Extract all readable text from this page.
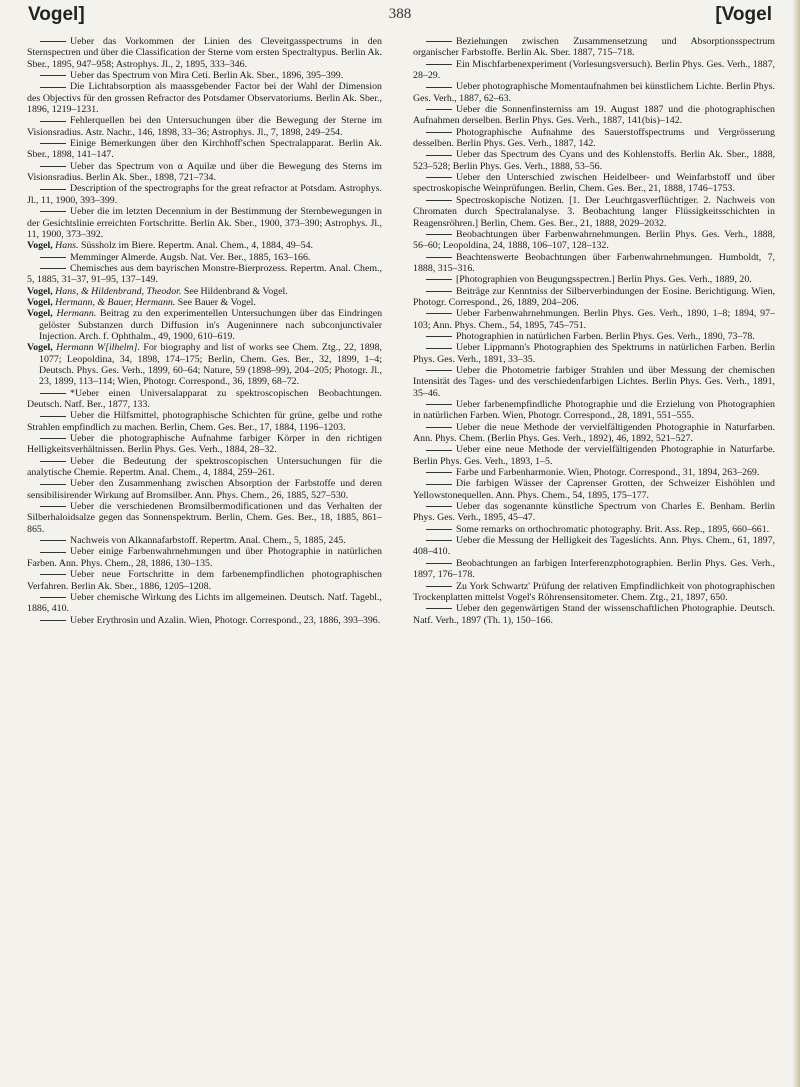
Vogel]	388	[Vogel

Ueber das Vorkommen der Linien des Cleveitgasspectrums in den Sternspectren und über die Classification der Sterne vom ersten Spectraltypus. Berlin Ak. Sber., 1895, 947–958; Astrophys. Jl., 2, 1895, 333–346.

Ueber das Spectrum von Mira Ceti. Berlin Ak. Sber., 1896, 395–399.

Die Lichtabsorption als maassgebender Factor bei der Wahl der Dimension des Objectivs für den grossen Refractor des Potsdamer Observatoriums. Berlin Ak. Sber., 1896, 1219–1231.

Fehlerquellen bei den Untersuchungen über die Bewegung der Sterne im Visionsradius. Astr. Nachr., 146, 1898, 33–36; Astrophys. Jl., 7, 1898, 249–254.

Einige Bemerkungen über den Kirchhoff'schen Spectralapparat. Berlin Ak. Sber., 1898, 141–147.

Ueber das Spectrum von α Aquilæ und über die Bewegung des Sterns im Visionsradius. Berlin Ak. Sber., 1898, 721–734.

Description of the spectrographs for the great refractor at Potsdam. Astrophys. Jl., 11, 1900, 393–399.

Ueber die im letzten Decennium in der Bestimmung der Sternbewegungen in der Gesichtslinie erreichten Fortschritte. Berlin Ak. Sber., 1900, 373–390; Astrophys. Jl., 11, 1900, 373–392.

Vogel, Hans. Süssholz im Biere. Repertm. Anal. Chem., 4, 1884, 49–54.

Memminger Almerde. Augsb. Nat. Ver. Ber., 1885, 163–166.

Chemisches aus dem bayrischen Monstre-Bierprozess. Repertm. Anal. Chem., 5, 1885, 31–37, 91–95, 137–149.

Vogel, Hans, & Hildenbrand, Theodor. See Hildenbrand & Vogel.

Vogel, Hermann, & Bauer, Hermann. See Bauer & Vogel.

Vogel, Hermann. Beitrag zu den experimentellen Untersuchungen über das Eindringen gelöster Substanzen durch Diffusion in's Augeninnere nach subconjunctivaler Injection. Arch. f. Ophthalm., 49, 1900, 610–619.

Vogel, Hermann W[ilhelm]. For biography and list of works see Chem. Ztg., 22, 1898, 1077; Leopoldina, 34, 1898, 174–175; Berlin, Chem. Ges. Ber., 32, 1899, 1–4; Deutsch. Phys. Ges. Verh., 1899, 60–64; Nature, 59 (1898–99), 204–205; Photogr. Jl., 23, 1899, 113–114; Wien, Photogr. Correspond., 36, 1899, 68–72.

*Ueber einen Universalapparat zu spektroscopischen Beobachtungen. Deutsch. Natf. Ber., 1877, 133.

Ueber die Hilfsmittel, photographische Schichten für grüne, gelbe und rothe Strahlen empfindlich zu machen. Berlin, Chem. Ges. Ber., 17, 1884, 1196–1203.

Ueber die photographische Aufnahme farbiger Körper in den richtigen Helligkeitsverhältnissen. Berlin Phys. Ges. Verh., 1884, 28–32.

Ueber die Bedeutung der spektroscopischen Untersuchungen für die analytische Chemie. Repertm. Anal. Chem., 4, 1884, 259–261.

Ueber den Zusammenhang zwischen Absorption der Farbstoffe und deren sensibilisirender Wirkung auf Bromsilber. Ann. Phys. Chem., 26, 1885, 527–530.

Ueber die verschiedenen Bromsilbermodificationen und das Verhalten der Silberhaloidsalze gegen das Sonnenspektrum. Berlin, Chem. Ges. Ber., 18, 1885, 861–865.

Nachweis von Alkannafarbstoff. Repertm. Anal. Chem., 5, 1885, 245.

Ueber einige Farbenwahrnehmungen und über Photographie in natürlichen Farben. Ann. Phys. Chem., 28, 1886, 130–135.

Ueber neue Fortschritte in dem farbenempfindlichen photographischen Verfahren. Berlin Ak. Sber., 1886, 1205–1208.

Ueber chemische Wirkung des Lichts im allgemeinen. Deutsch. Natf. Tagebl., 1886, 410.

Ueber Erythrosin und Azalin. Wien, Photogr. Correspond., 23, 1886, 393–396.

Beziehungen zwischen Zusammensetzung und Absorptionsspectrum organischer Farbstoffe. Berlin Ak. Sber. 1887, 715–718.

Ein Mischfarbenexperiment (Vorlesungsversuch). Berlin Phys. Ges. Verh., 1887, 28–29.

Ueber photographische Momentaufnahmen bei künstlichem Lichte. Berlin Phys. Ges. Verh., 1887, 62–63.

Ueber die Sonnenfinsterniss am 19. August 1887 und die photographischen Aufnahmen derselben. Berlin Phys. Ges. Verh., 1887, 141(bis)–142.

Photographische Aufnahme des Sauerstoffspectrums und Vergrösserung desselben. Berlin Phys. Ges. Verh., 1887, 142.

Ueber das Spectrum des Cyans und des Kohlenstoffs. Berlin Ak. Sber., 1888, 523–528; Berlin Phys. Ges. Verh., 1888, 53–56.

Ueber den Unterschied zwischen Heidelbeer- und Weinfarbstoff und über spectroskopische Weinprüfungen. Berlin, Chem. Ges. Ber., 21, 1888, 1746–1753.

Spectroskopische Notizen. [1. Der Leuchtgasverflüchtiger. 2. Nachweis von Chromaten durch Spectralanalyse. 3. Beobachtung langer Flüssigkeitsschichten in Reagensröhren.] Berlin, Chem. Ges. Ber., 21, 1888, 2029–2032.

Beobachtungen über Farbenwahrnehmungen. Berlin Phys. Ges. Verh., 1888, 56–60; Leopoldina, 24, 1888, 106–107, 128–132.

Beachtenswerte Beobachtungen über Farbenwahrnehmungen. Humboldt, 7, 1888, 315–316.

[Photographien von Beugungsspectren.] Berlin Phys. Ges. Verh., 1889, 20.

Beiträge zur Kenntniss der Silberverbindungen der Eosine. Berichtigung. Wien, Photogr. Correspond., 26, 1889, 204–206.

Ueber Farbenwahrnehmungen. Berlin Phys. Ges. Verh., 1890, 1–8; 1894, 97–103; Ann. Phys. Chem., 54, 1895, 745–751.

Photographien in natürlichen Farben. Berlin Phys. Ges. Verh., 1890, 73–78.

Ueber Lippmann's Photographien des Spektrums in natürlichen Farben. Berlin Phys. Ges. Verh., 1891, 33–35.

Ueber die Photometrie farbiger Strahlen und über Messung der chemischen Intensität des Tages- und des verschiedenfarbigen Lichtes. Berlin Phys. Ges. Verh., 1891, 35–46.

Ueber farbenempfindliche Photographie und die Erzielung von Photographien in natürlichen Farben. Wien, Photogr. Correspond., 28, 1891, 551–555.

Ueber die neue Methode der vervielfältigenden Photographie in Naturfarben. Ann. Phys. Chem. (Berlin Phys. Ges. Verh., 1892), 46, 1892, 521–527.

Ueber eine neue Methode der vervielfältigenden Photographie in Naturfarbe. Berlin Phys. Ges. Verh., 1893, 1–5.

Farbe und Farbenharmonie. Wien, Photogr. Correspond., 31, 1894, 263–269.

Die farbigen Wässer der Caprenser Grotten, der Schweizer Eishöhlen und Yellowstonequellen. Ann. Phys. Chem., 54, 1895, 175–177.

Ueber das sogenannte künstliche Spectrum von Charles E. Benham. Berlin Phys. Ges. Verh., 1895, 45–47.

Some remarks on orthochromatic photography. Brit. Ass. Rep., 1895, 660–661.

Ueber die Messung der Helligkeit des Tageslichts. Ann. Phys. Chem., 61, 1897, 408–410.

Beobachtungen an farbigen Interferenzphotographien. Berlin Phys. Ges. Verh., 1897, 176–178.

Zu York Schwartz' Prüfung der relativen Empfindlichkeit von photographischen Trockenplatten mittelst Vogel's Röhrensensitometer. Chem. Ztg., 21, 1897, 650.

Ueber den gegenwärtigen Stand der wissenschaftlichen Photographie. Deutsch. Natf. Verh., 1897 (Th. 1), 150–166.
